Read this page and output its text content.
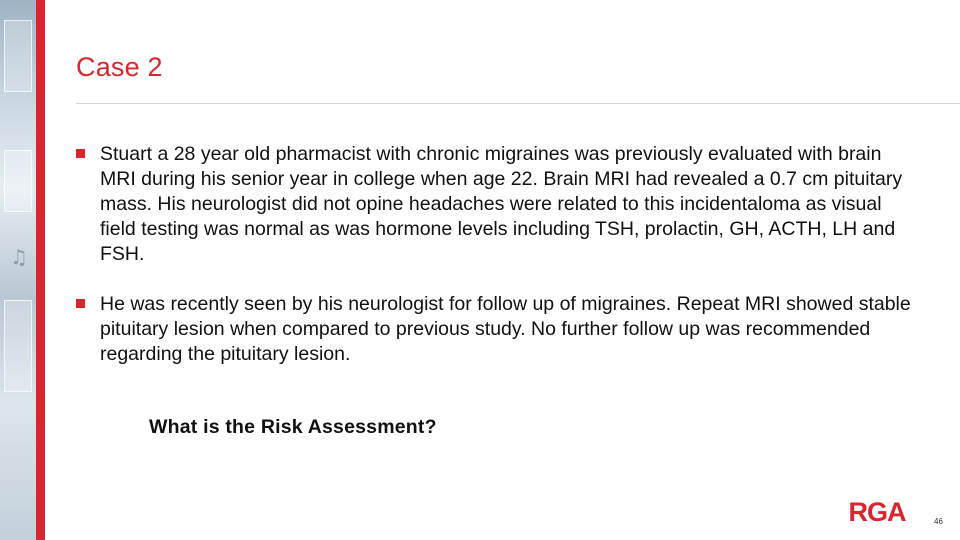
♫
Case 2
Stuart a 28 year old pharmacist with chronic migraines was previously evaluated with brain MRI during his senior year in college when age 22. Brain MRI had revealed a 0.7 cm pituitary mass. His neurologist did not opine headaches were related to this incidentaloma as visual field testing was normal as was hormone levels including TSH, prolactin, GH, ACTH, LH and FSH.
He was recently seen by his neurologist for follow up of migraines. Repeat MRI showed stable pituitary lesion when compared to previous study. No further follow up was recommended regarding the pituitary lesion.

What is the Risk Assessment?

RGA	46
